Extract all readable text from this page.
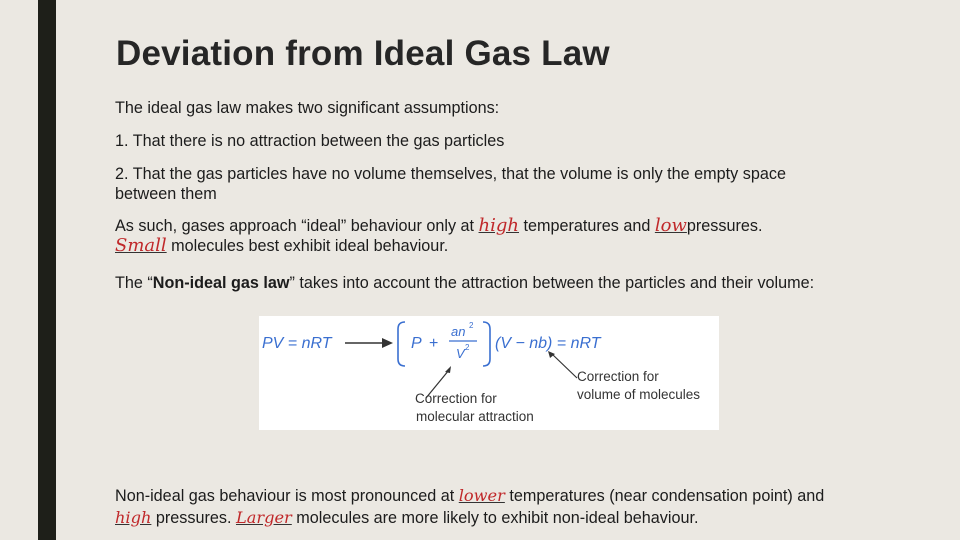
Deviation from Ideal Gas Law
The ideal gas law makes two significant assumptions:
1. That there is no attraction between the gas particles
2. That the gas particles have no volume themselves, that the volume is only the empty space between them
As such, gases approach “ideal” behaviour only at high temperatures and lowpressures.
Small molecules best exhibit ideal behaviour.
The “Non-ideal gas law” takes into account the attraction between the particles and their volume:
PV = nRT	P +
an 2
V 2 (V − nb) = nRT
Correction for
molecular attraction
Correction for
volume of molecules
Non-ideal gas behaviour is most pronounced at lower temperatures (near condensation point) and high pressures. Larger molecules are more likely to exhibit non-ideal behaviour.
